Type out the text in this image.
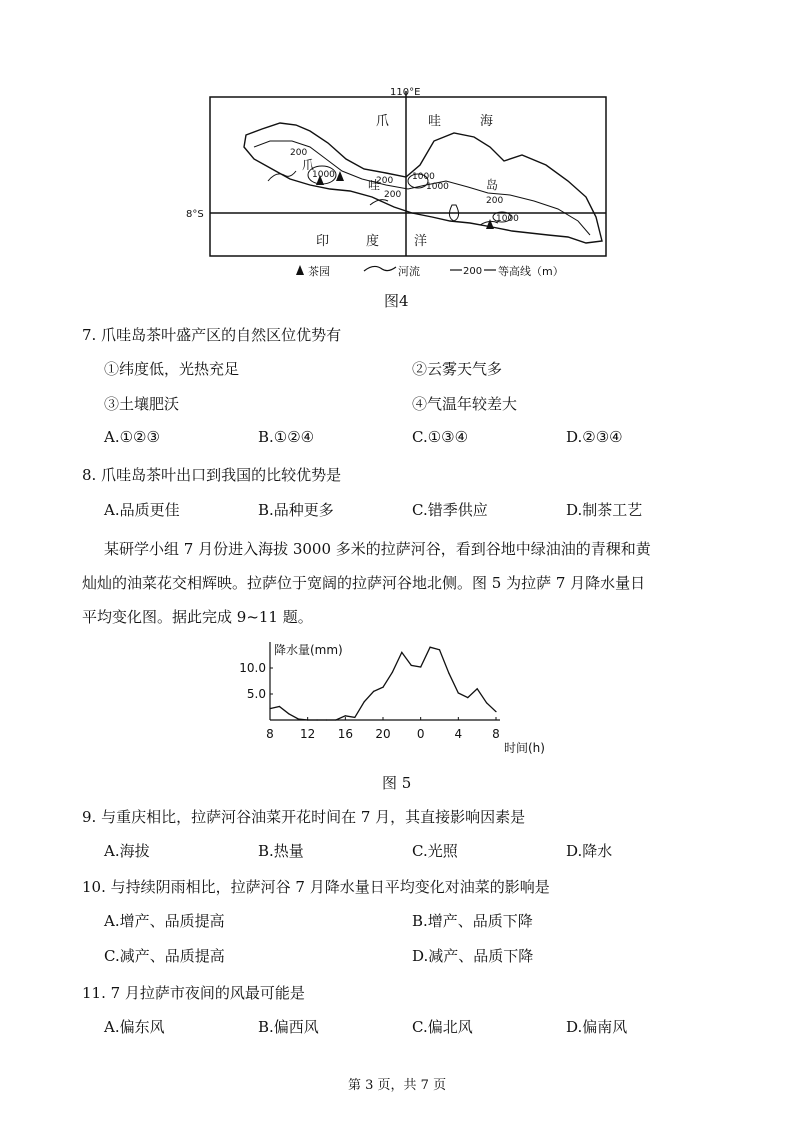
110°E
8°S
爪	哇	海
印	度	洋
爪
哇	岛
200
1000	1000
200
1000
200
200
1000
茶园	河流	200 等高线（m）
图4
7. 爪哇岛茶叶盛产区的自然区位优势有
①纬度低，光热充足	②云雾天气多
③土壤肥沃	④气温年较差大
A.①②③	B.①②④	C.①③④	D.②③④
8. 爪哇岛茶叶出口到我国的比较优势是
A.品质更佳	B.品种更多	C.错季供应	D.制茶工艺
某研学小组 7 月份进入海拔 3000 多米的拉萨河谷，看到谷地中绿油油的青稞和黄
灿灿的油菜花交相辉映。拉萨位于宽阔的拉萨河谷地北侧。图 5 为拉萨 7 月降水量日
平均变化图。据此完成 9~11 题。
降水量(mm)
时间(h)
8 12 16 20 0	4	8
5.0
10.0
图 5
9. 与重庆相比，拉萨河谷油菜开花时间在 7 月，其直接影响因素是
A.海拔	B.热量	C.光照	D.降水
10. 与持续阴雨相比，拉萨河谷 7 月降水量日平均变化对油菜的影响是
A.增产、品质提高	B.增产、品质下降
C.减产、品质提高	D.减产、品质下降
11. 7 月拉萨市夜间的风最可能是
A.偏东风	B.偏西风	C.偏北风	D.偏南风
第 3 页，共 7 页
